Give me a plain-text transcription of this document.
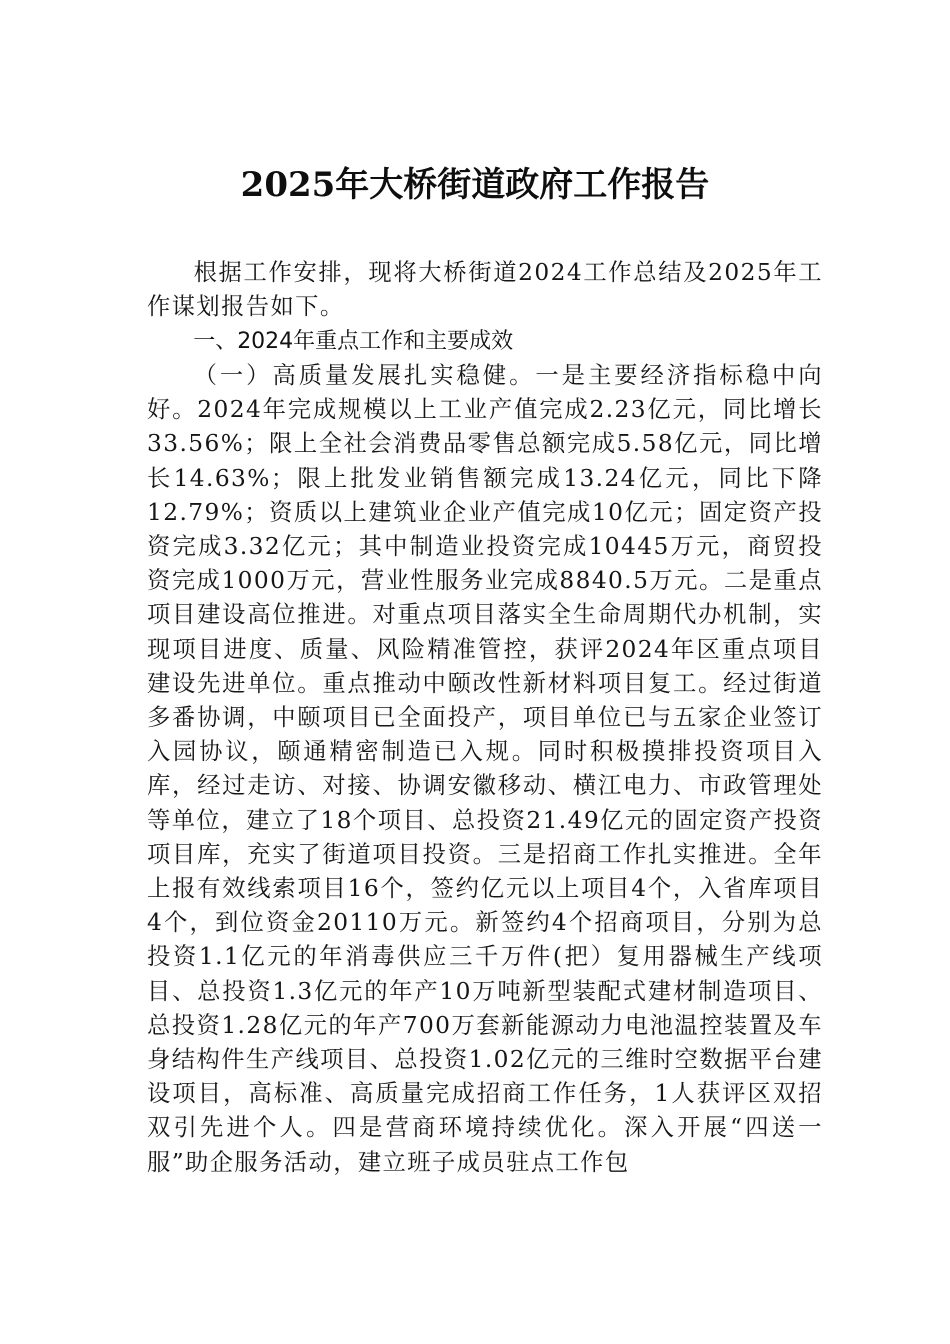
2025年大桥街道政府工作报告

根据工作安排，现将大桥街道2024工作总结及2025年工作谋划报告如下。

一、2024年重点工作和主要成效

（一）高质量发展扎实稳健。一是主要经济指标稳中向好。2024年完成规模以上工业产值完成2.23亿元，同比增长33.56%；限上全社会消费品零售总额完成5.58亿元，同比增长14.63%；限上批发业销售额完成13.24亿元，同比下降12.79%；资质以上建筑业企业产值完成10亿元；固定资产投资完成3.32亿元；其中制造业投资完成10445万元，商贸投资完成1000万元，营业性服务业完成8840.5万元。二是重点项目建设高位推进。对重点项目落实全生命周期代办机制，实现项目进度、质量、风险精准管控，获评2024年区重点项目建设先进单位。重点推动中颐改性新材料项目复工。经过街道多番协调，中颐项目已全面投产，项目单位已与五家企业签订入园协议，颐通精密制造已入规。同时积极摸排投资项目入库，经过走访、对接、协调安徽移动、横江电力、市政管理处等单位，建立了18个项目、总投资21.49亿元的固定资产投资项目库，充实了街道项目投资。三是招商工作扎实推进。全年上报有效线索项目16个，签约亿元以上项目4个，入省库项目4个，到位资金20110万元。新签约4个招商项目，分别为总投资1.1亿元的年消毒供应三千万件(把）复用器械生产线项目、总投资1.3亿元的年产10万吨新型装配式建材制造项目、总投资1.28亿元的年产700万套新能源动力电池温控装置及车身结构件生产线项目、总投资1.02亿元的三维时空数据平台建设项目，高标准、高质量完成招商工作任务，1人获评区双招双引先进个人。四是营商环境持续优化。深入开展“四送一服”助企服务活动，建立班子成员驻点工作包
